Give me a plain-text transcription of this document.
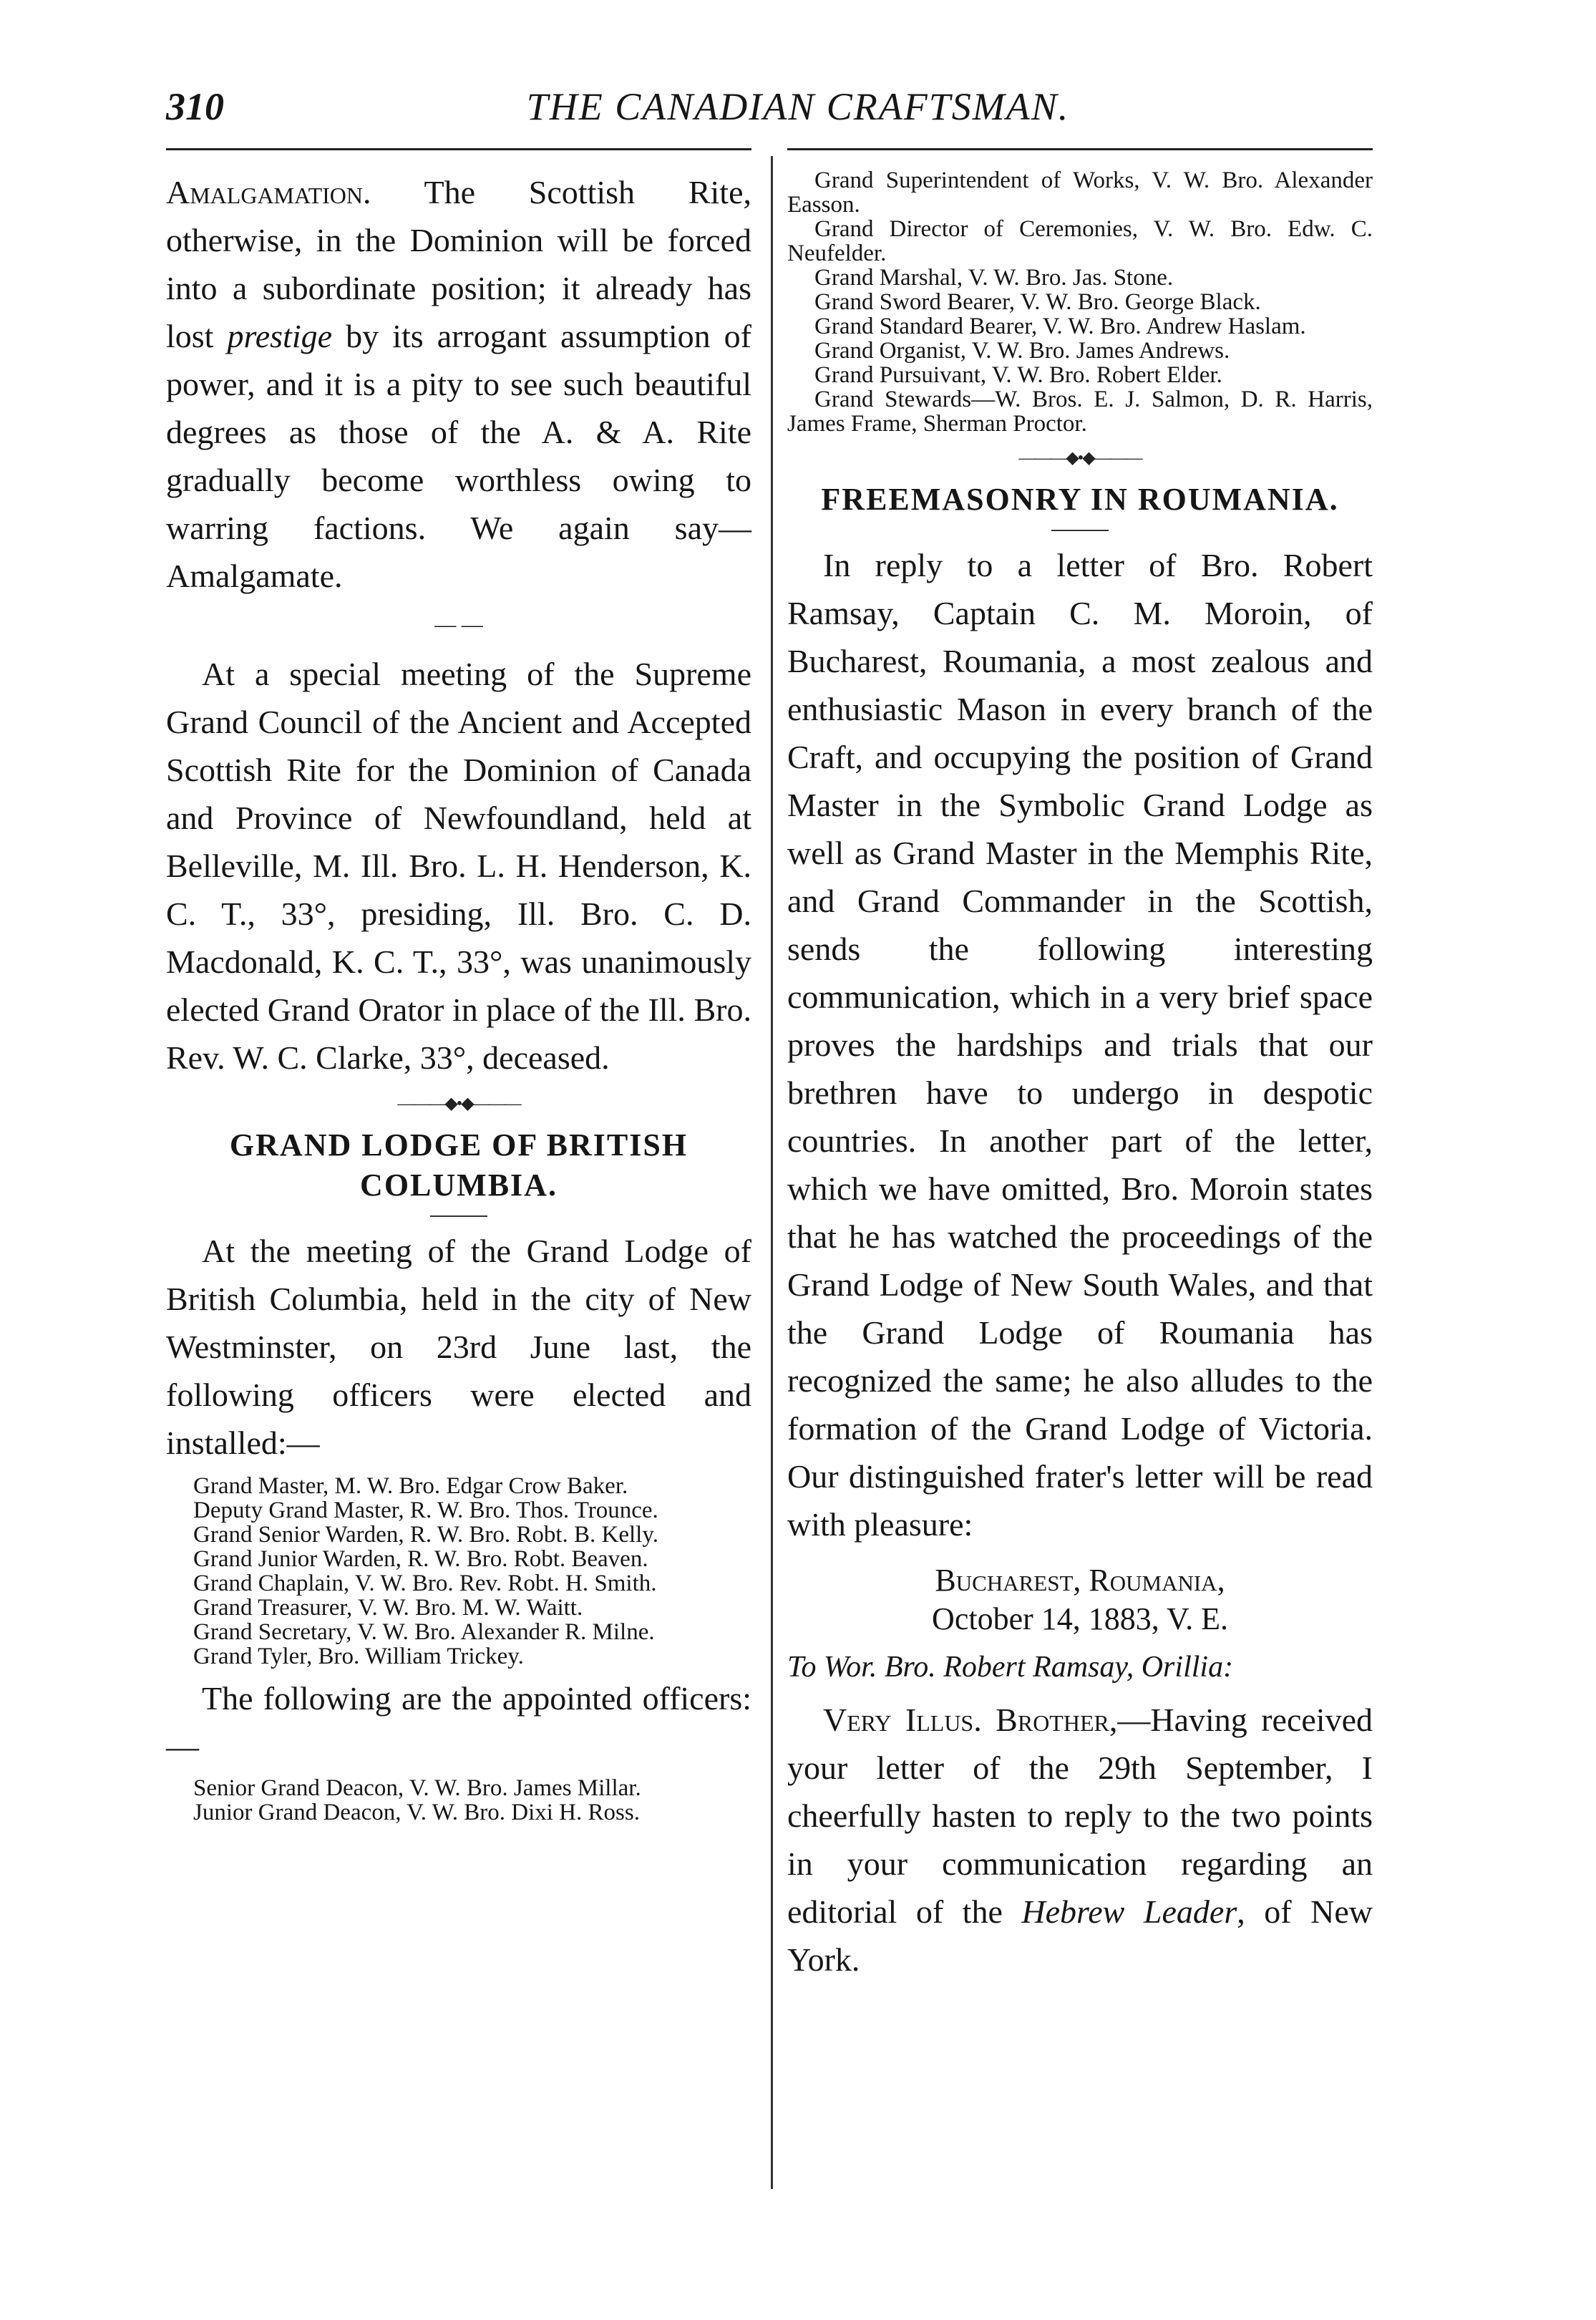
310	THE CANADIAN CRAFTSMAN.

Amalgamation. The Scottish Rite, otherwise, in the Dominion will be forced into a subordinate position; it already has lost prestige by its arrogant assumption of power, and it is a pity to see such beautiful degrees as those of the A. & A. Rite gradually become worthless owing to warring factions. We again say—Amalgamate.

— —

At a special meeting of the Supreme Grand Council of the Ancient and Accepted Scottish Rite for the Dominion of Canada and Province of Newfoundland, held at Belleville, M. Ill. Bro. L. H. Henderson, K. C. T., 33°, presiding, Ill. Bro. C. D. Macdonald, K. C. T., 33°, was unanimously elected Grand Orator in place of the Ill. Bro. Rev. W. C. Clarke, 33°, deceased.

———◆•◆———

GRAND LODGE OF BRITISH COLUMBIA.

At the meeting of the Grand Lodge of British Columbia, held in the city of New Westminster, on 23rd June last, the following officers were elected and installed:—

Grand Master, M. W. Bro. Edgar Crow Baker.

Deputy Grand Master, R. W. Bro. Thos. Trounce.

Grand Senior Warden, R. W. Bro. Robt. B. Kelly.

Grand Junior Warden, R. W. Bro. Robt. Beaven.

Grand Chaplain, V. W. Bro. Rev. Robt. H. Smith.

Grand Treasurer, V. W. Bro. M. W. Waitt.

Grand Secretary, V. W. Bro. Alexander R. Milne.

Grand Tyler, Bro. William Trickey.

The following are the appointed officers:—

Senior Grand Deacon, V. W. Bro. James Millar.

Junior Grand Deacon, V. W. Bro. Dixi H. Ross.

Grand Superintendent of Works, V. W. Bro. Alexander Easson.

Grand Director of Ceremonies, V. W. Bro. Edw. C. Neufelder.

Grand Marshal, V. W. Bro. Jas. Stone.

Grand Sword Bearer, V. W. Bro. George Black.

Grand Standard Bearer, V. W. Bro. Andrew Haslam.

Grand Organist, V. W. Bro. James Andrews.

Grand Pursuivant, V. W. Bro. Robert Elder.

Grand Stewards—W. Bros. E. J. Salmon, D. R. Harris, James Frame, Sherman Proctor.

———◆•◆———

FREEMASONRY IN ROUMANIA.

In reply to a letter of Bro. Robert Ramsay, Captain C. M. Moroin, of Bucharest, Roumania, a most zealous and enthusiastic Mason in every branch of the Craft, and occupying the position of Grand Master in the Symbolic Grand Lodge as well as Grand Master in the Memphis Rite, and Grand Commander in the Scottish, sends the following interesting communication, which in a very brief space proves the hardships and trials that our brethren have to undergo in despotic countries. In another part of the letter, which we have omitted, Bro. Moroin states that he has watched the proceedings of the Grand Lodge of New South Wales, and that the Grand Lodge of Roumania has recognized the same; he also alludes to the formation of the Grand Lodge of Victoria. Our distinguished frater's letter will be read with pleasure:

Bucharest, Roumania,
October 14, 1883, V. E.

To Wor. Bro. Robert Ramsay, Orillia:

Very Illus. Brother,—Having received your letter of the 29th September, I cheerfully hasten to reply to the two points in your communication regarding an editorial of the Hebrew Leader, of New York.
